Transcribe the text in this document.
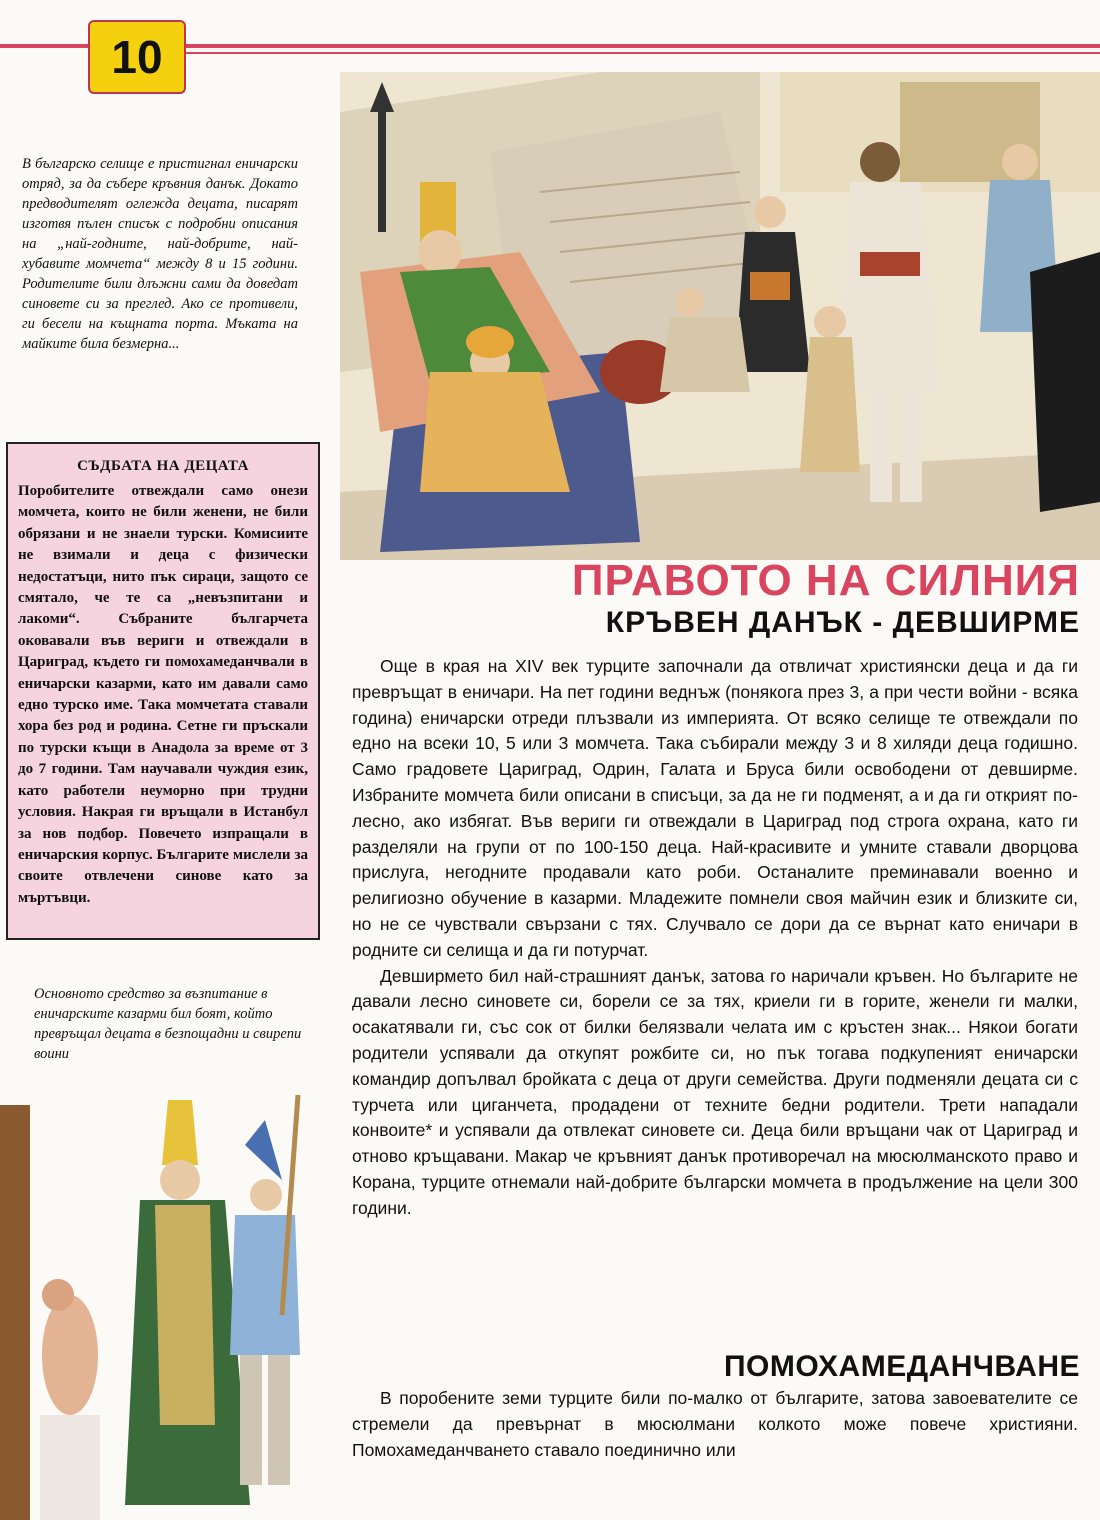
10
В българско селище е пристигнал еничарски отряд, за да събере кръвния данък. Докато предводителят оглежда децата, писарят изготвя пълен списък с подробни описания на „най-годните, най-добрите, най-хубавите момчета“ между 8 и 15 години. Родителите били длъжни сами да доведат синовете си за преглед. Ако се противели, ги бесели на къщната порта. Мъката на майките била безмерна...
СЪДБАТА НА ДЕЦАТА

Поробителите отвеждали само онези момчета, които не били женени, не били обрязани и не знаели турски. Комисиите не взимали и деца с физически недостатъци, нито пък сираци, защото се смятало, че те са „невъзпитани и лакоми“. Събраните българчета оковавали във вериги и отвеждали в Цариград, където ги помохамеданчвали в еничарски казарми, като им давали само едно турско име. Така момчетата ставали хора без род и родина. Сетне ги пръскали по турски къщи в Анадола за време от 3 до 7 години. Там научавали чуждия език, като работели неуморно при трудни условия. Накрая ги връщали в Истанбул за нов подбор. Повечето изпращали в еничарския корпус. Българите мислели за своите отвлечени синове като за мъртъвци.

Основното средство за възпитание в еничарските казарми бил боят, който превръщал децата в безпощадни и свирепи воини
ПРАВОТО НА СИЛНИЯ
КРЪВЕН ДАНЪК - ДЕВШИРМЕ

Още в края на XIV век турците започнали да отвличат християнски деца и да ги превръщат в еничари. На пет години веднъж (понякога през 3, а при чести войни - всяка година) еничарски отреди плъзвали из империята. От всяко селище те отвеждали по едно на всеки 10, 5 или 3 момчета. Така събирали между 3 и 8 хиляди деца годишно. Само градовете Цариград, Одрин, Галата и Бруса били освободени от девширме. Избраните момчета били описани в списъци, за да не ги подменят, а и да ги открият по-лесно, ако избягат. Във вериги ги отвеждали в Цариград под строга охрана, като ги разделяли на групи от по 100-150 деца. Най-красивите и умните ставали дворцова прислуга, негодните продавали като роби. Останалите преминавали военно и религиозно обучение в казарми. Младежите помнели своя майчин език и близките си, но не се чувствали свързани с тях. Случвало се дори да се върнат като еничари в родните си селища и да ги потурчат.

Девширмето бил най-страшният данък, затова го наричали кръвен. Но българите не давали лесно синовете си, борели се за тях, криели ги в горите, женели ги малки, осакатявали ги, със сок от билки белязвали челата им с кръстен знак... Някои богати родители успявали да откупят рожбите си, но пък тогава подкупеният еничарски командир допълвал бройката с деца от други семейства. Други подменяли децата си с турчета или циганчета, продадени от техните бедни родители. Трети нападали конвоите* и успявали да отвлекат синовете си. Деца били връщани чак от Цариград и отново кръщавани. Макар че кръвният данък противоречал на мюсюлманското право и Корана, турците отнемали най-добрите български момчета в продължение на цели 300 години.

ПОМОХАМЕДАНЧВАНЕ

В поробените земи турците били по-малко от българите, затова завоевателите се стремели да превърнат в мюсюлмани колкото може повече християни. Помохамеданчването ставало поединично или
